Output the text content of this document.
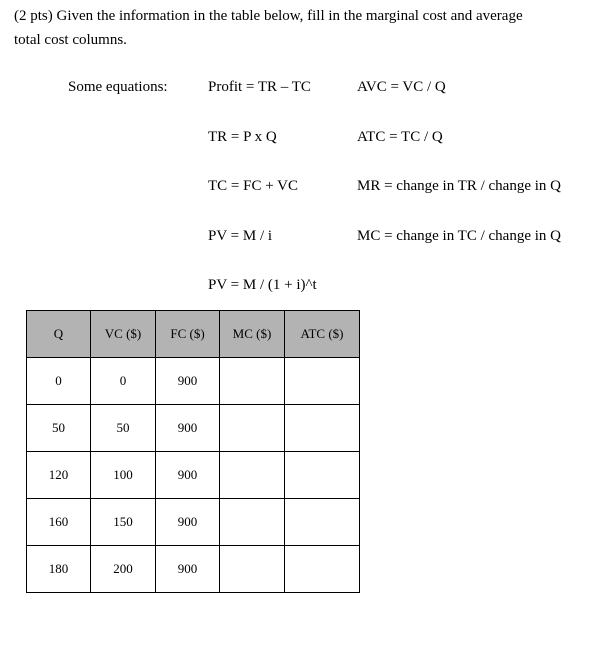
(2 pts) Given the information in the table below, fill in the marginal cost and average
total cost columns.
Some equations:	Profit = TR – TC
TR = P x Q
TC = FC + VC
PV = M / i
PV = M / (1 + i)^t
AVC = VC / Q
ATC = TC / Q
MR = change in TR / change in Q
MC = change in TC / change in Q
Q	VC ($)	FC ($)	MC ($)	ATC ($)
0	0	900		
50	50	900		
120	100	900		
160	150	900		
180	200	900		
